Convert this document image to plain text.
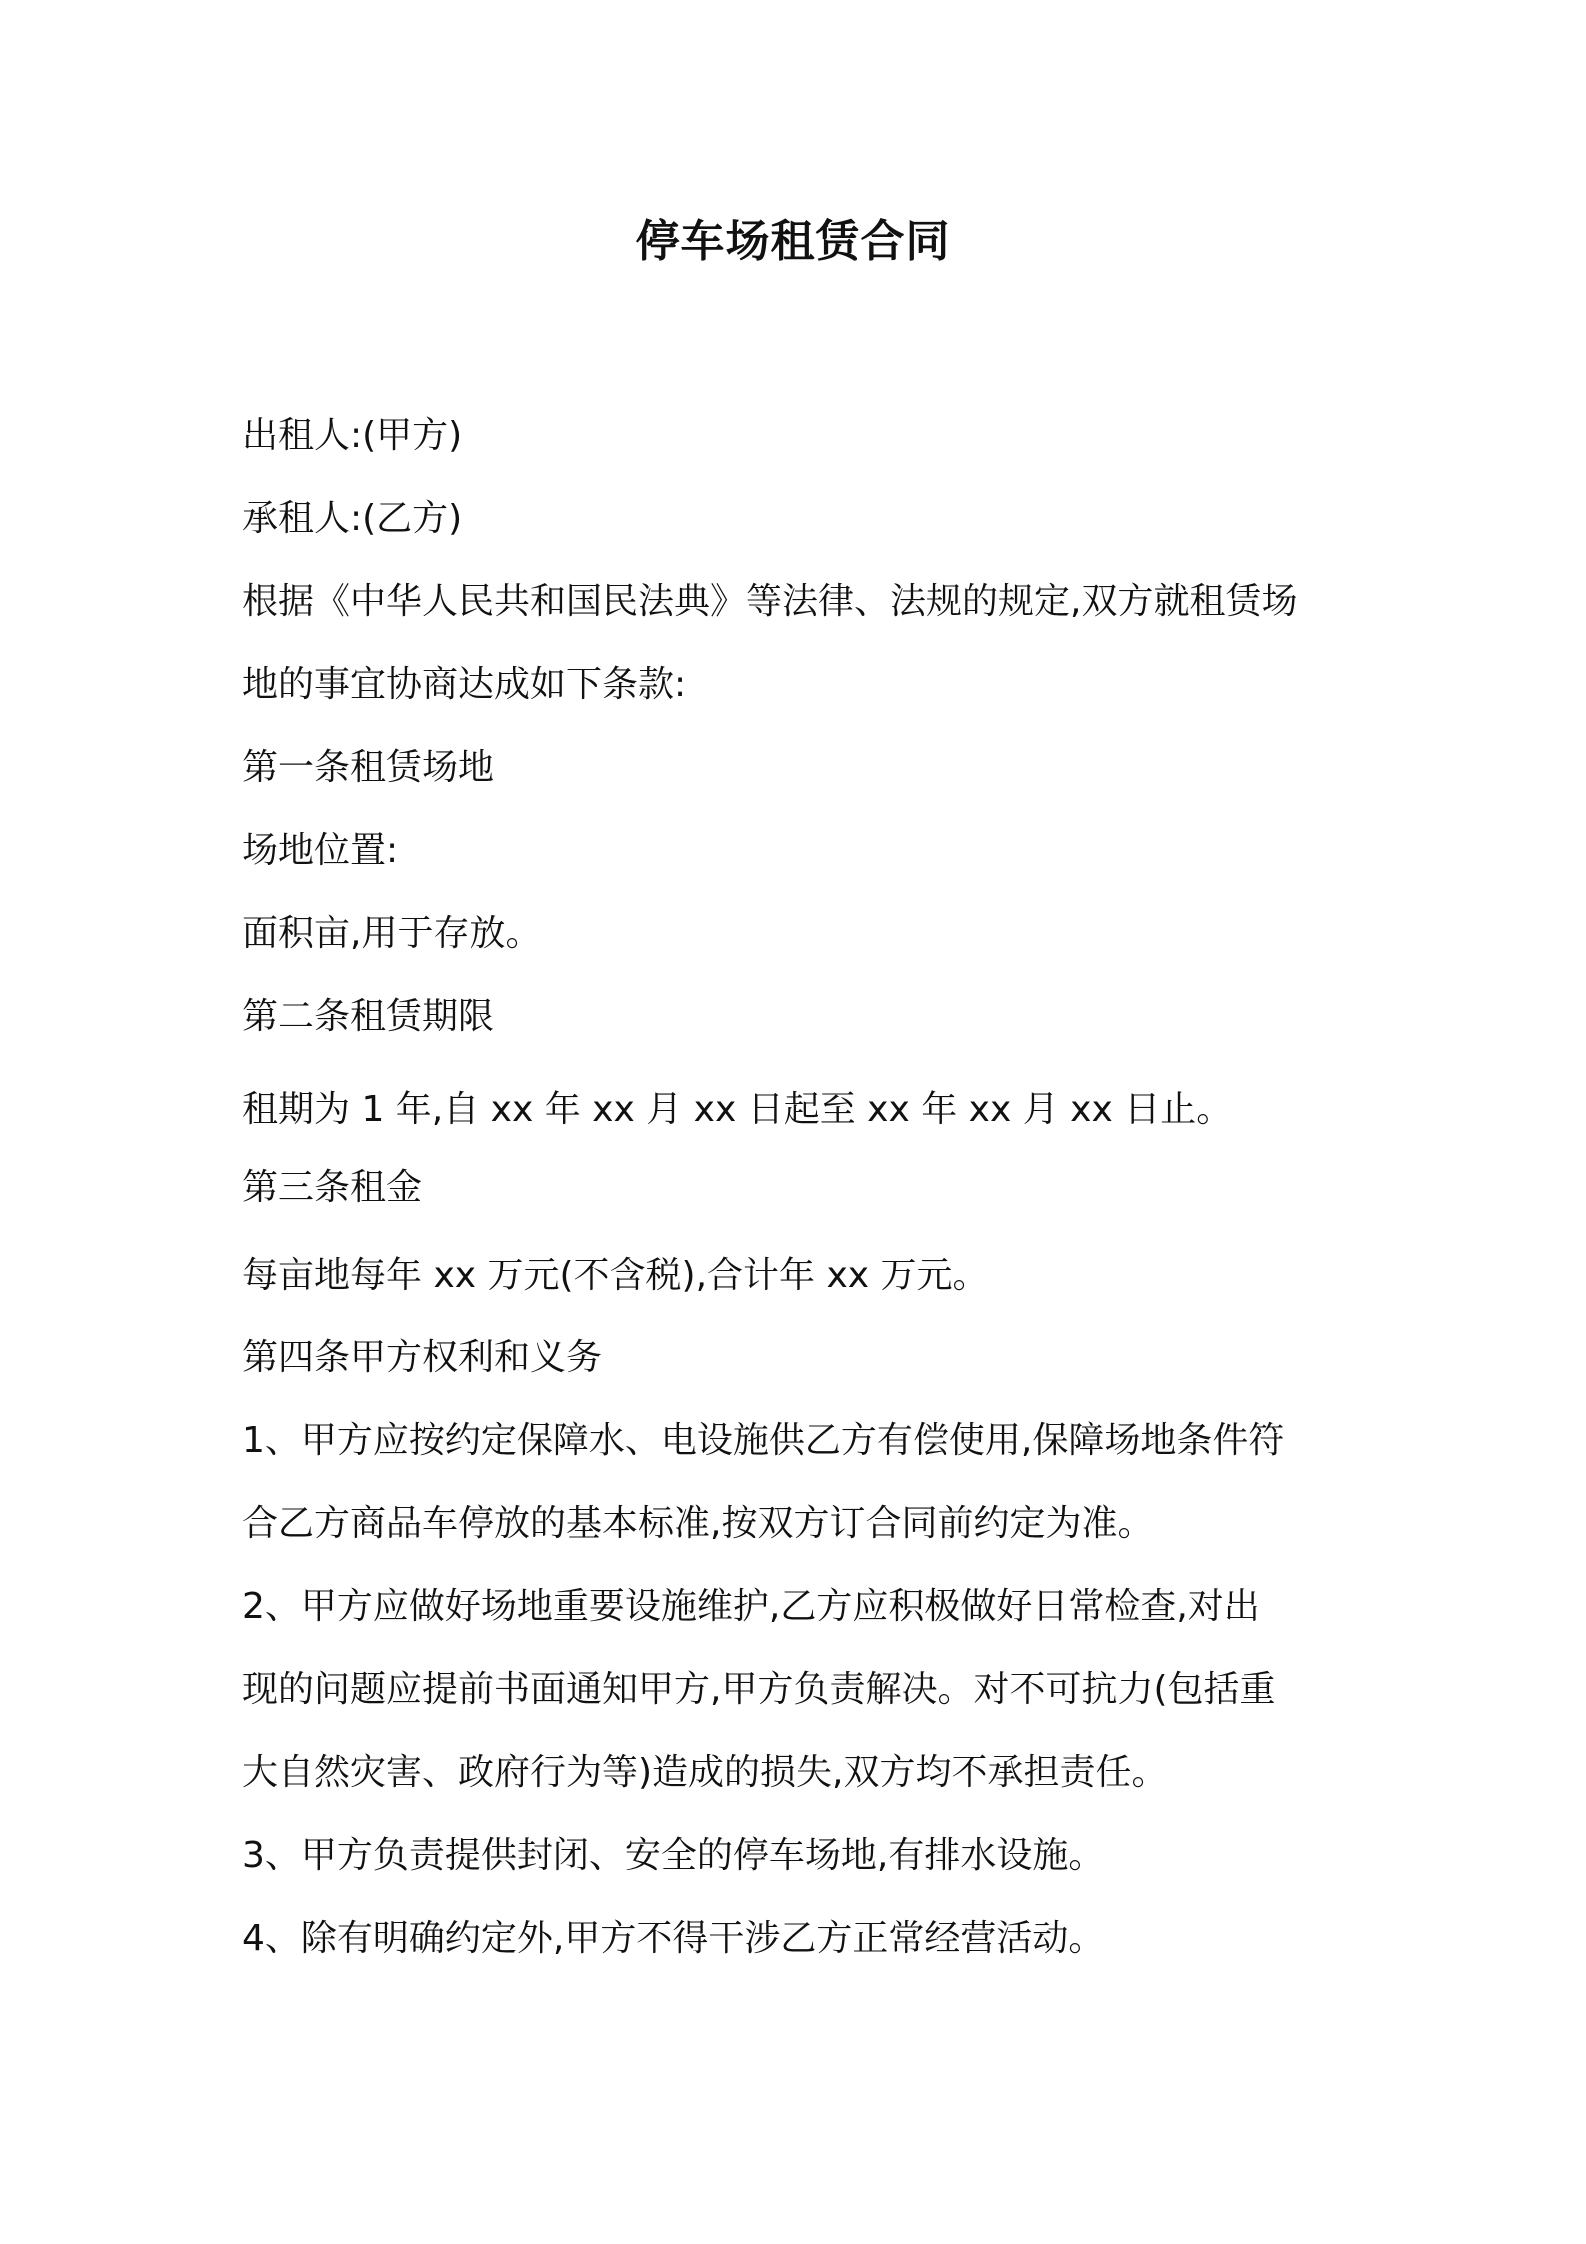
停车场租赁合同
出租人:(甲方)
承租人:(乙方)
根据《中华人民共和国民法典》等法律、法规的规定,双方就租赁场
地的事宜协商达成如下条款:
第一条租赁场地
场地位置:
面积亩,用于存放。
第二条租赁期限
租期为 1 年,自 xx 年 xx 月 xx 日起至 xx 年 xx 月 xx 日止。
第三条租金
每亩地每年 xx 万元(不含税),合计年 xx 万元。
第四条甲方权利和义务
1、甲方应按约定保障水、电设施供乙方有偿使用,保障场地条件符
合乙方商品车停放的基本标准,按双方订合同前约定为准。
2、甲方应做好场地重要设施维护,乙方应积极做好日常检查,对出
现的问题应提前书面通知甲方,甲方负责解决。对不可抗力(包括重
大自然灾害、政府行为等)造成的损失,双方均不承担责任。
3、甲方负责提供封闭、安全的停车场地,有排水设施。
4、除有明确约定外,甲方不得干涉乙方正常经营活动。
